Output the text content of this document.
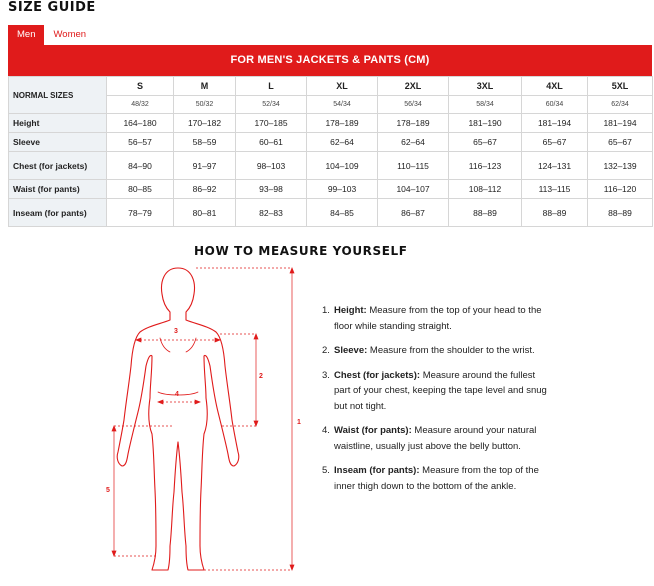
SIZE GUIDE
Men	Women
FOR MEN'S JACKETS & PANTS (CM)
NORMAL SIZES	S	M	L	XL	2XL	3XL	4XL	5XL
	48/32	50/32	52/34	54/34	56/34	58/34	60/34	62/34
Height	164–180	170–182	170–185	178–189	178–189	181–190	181–194	181–194
Sleeve	56–57	58–59	60–61	62–64	62–64	65–67	65–67	65–67
Chest (for jackets)	84–90	91–97	98–103	104–109	110–115	116–123	124–131	132–139
Waist (for pants)	80–85	86–92	93–98	99–103	104–107	108–112	113–115	116–120
Inseam (for pants)	78–79	80–81	82–83	84–85	86–87	88–89	88–89	88–89
HOW TO MEASURE YOURSELF
3
2
4
5
1
1. Height: Measure from the top of your head to the floor while standing straight.
2. Sleeve: Measure from the shoulder to the wrist.
3. Chest (for jackets): Measure around the fullest part of your chest, keeping the tape level and snug but not tight.
4. Waist (for pants): Measure around your natural waistline, usually just above the belly button.
5. Inseam (for pants): Measure from the top of the inner thigh down to the bottom of the ankle.
